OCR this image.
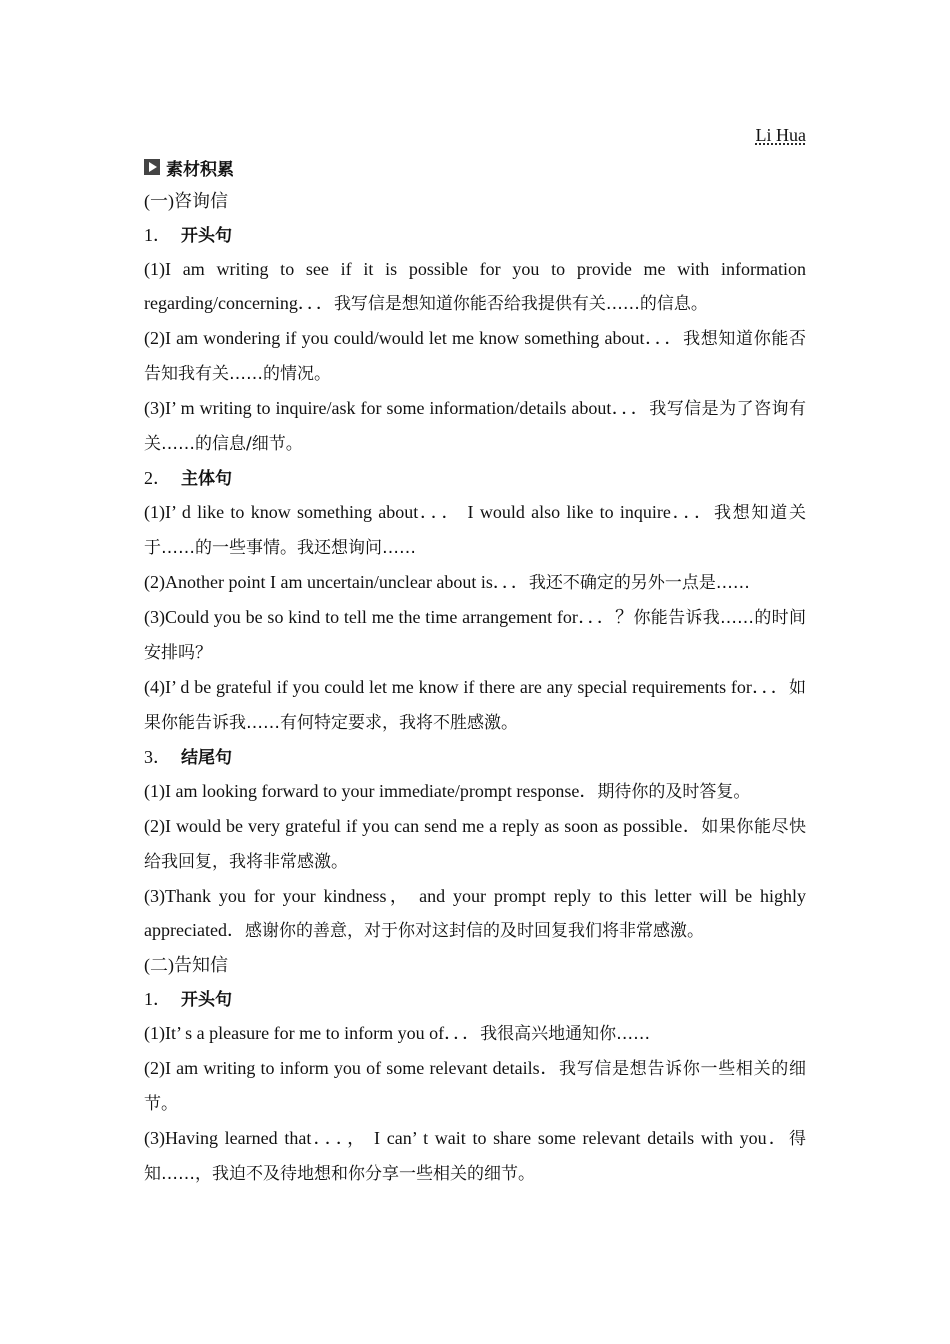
Li Hua
素材积累
(一)咨询信
1． 开头句

(1)I am writing to see if it is possible for you to provide me with information regarding/concerning．．．我写信是想知道你能否给我提供有关……的信息。

(2)I am wondering if you could/would let me know something about．．．我想知道你能否告知我有关……的情况。

(3)I’ m writing to inquire/ask for some information/details about．．．我写信是为了咨询有关……的信息/细节。

2． 主体句

(1)I’ d like to know something about．．． I would also like to inquire．．．我想知道关于……的一些事情。我还想询问……

(2)Another point I am uncertain/unclear about is．．．我还不确定的另外一点是……

(3)Could you be so kind to tell me the time arrangement for．．．？你能告诉我……的时间安排吗？

(4)I’ d be grateful if you could let me know if there are any special requirements for．．．如果你能告诉我……有何特定要求，我将不胜感激。

3． 结尾句

(1)I am looking forward to your immediate/prompt response．期待你的及时答复。

(2)I would be very grateful if you can send me a reply as soon as possible．如果你能尽快给我回复，我将非常感激。

(3)Thank you for your kindness， and your prompt reply to this letter will be highly appreciated．感谢你的善意，对于你对这封信的及时回复我们将非常感激。

(二)告知信
1． 开头句

(1)It’ s a pleasure for me to inform you of．．．我很高兴地通知你……

(2)I am writing to inform you of some relevant details．我写信是想告诉你一些相关的细节。

(3)Having learned that．．．， I can’ t wait to share some relevant details with you．得知……，我迫不及待地想和你分享一些相关的细节。
